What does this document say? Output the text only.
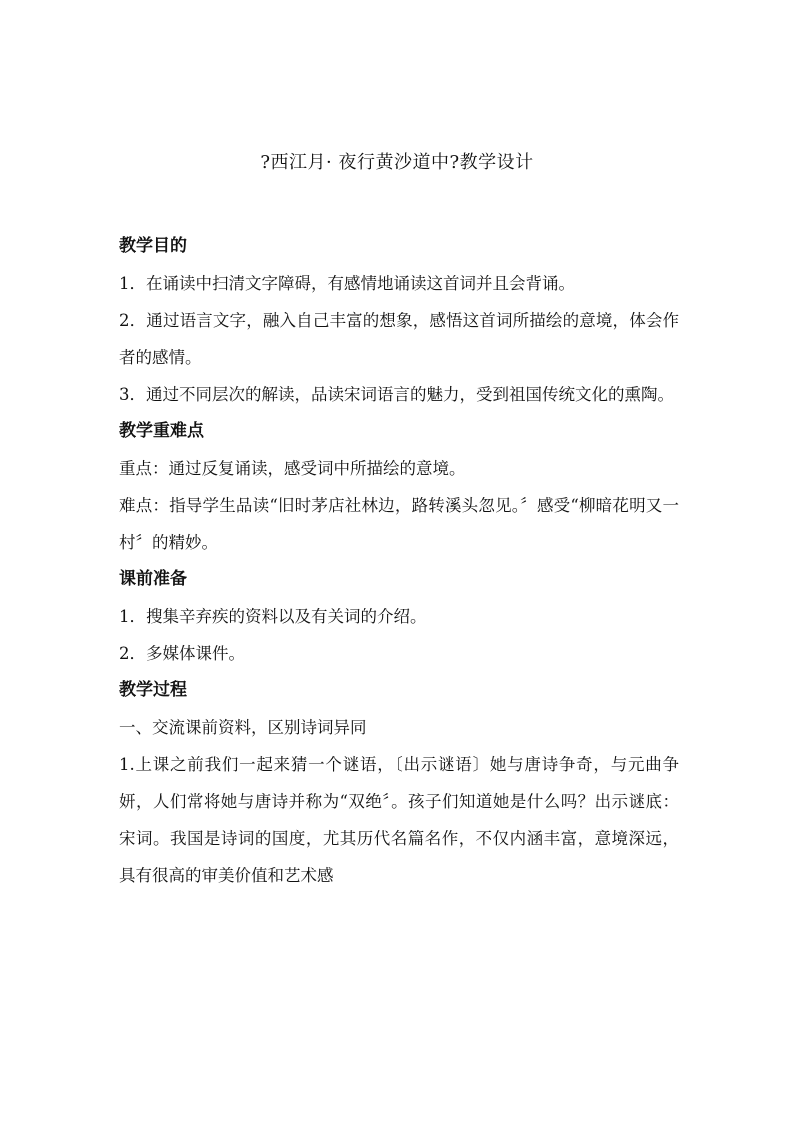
?西江月· 夜行黄沙道中?教学设计
教学目的
1．在诵读中扫清文字障碍，有感情地诵读这首词并且会背诵。
2．通过语言文字，融入自己丰富的想象，感悟这首词所描绘的意境，体会作者的感情。
3．通过不同层次的解读，品读宋词语言的魅力，受到祖国传统文化的熏陶。
教学重难点
重点：通过反复诵读，感受词中所描绘的意境。
难点：指导学生品读“旧时茅店社林边，路转溪头忽见。〞感受“柳暗花明又一村〞的精妙。
课前准备
1．搜集辛弃疾的资料以及有关词的介绍。
2．多媒体课件。
教学过程
一、交流课前资料，区别诗词异同
1.上课之前我们一起来猜一个谜语，〔出示谜语〕她与唐诗争奇，与元曲争妍，人们常将她与唐诗并称为“双绝〞。孩子们知道她是什么吗？出示谜底：宋词。我国是诗词的国度，尤其历代名篇名作，不仅内涵丰富，意境深远，具有很高的审美价值和艺术感
